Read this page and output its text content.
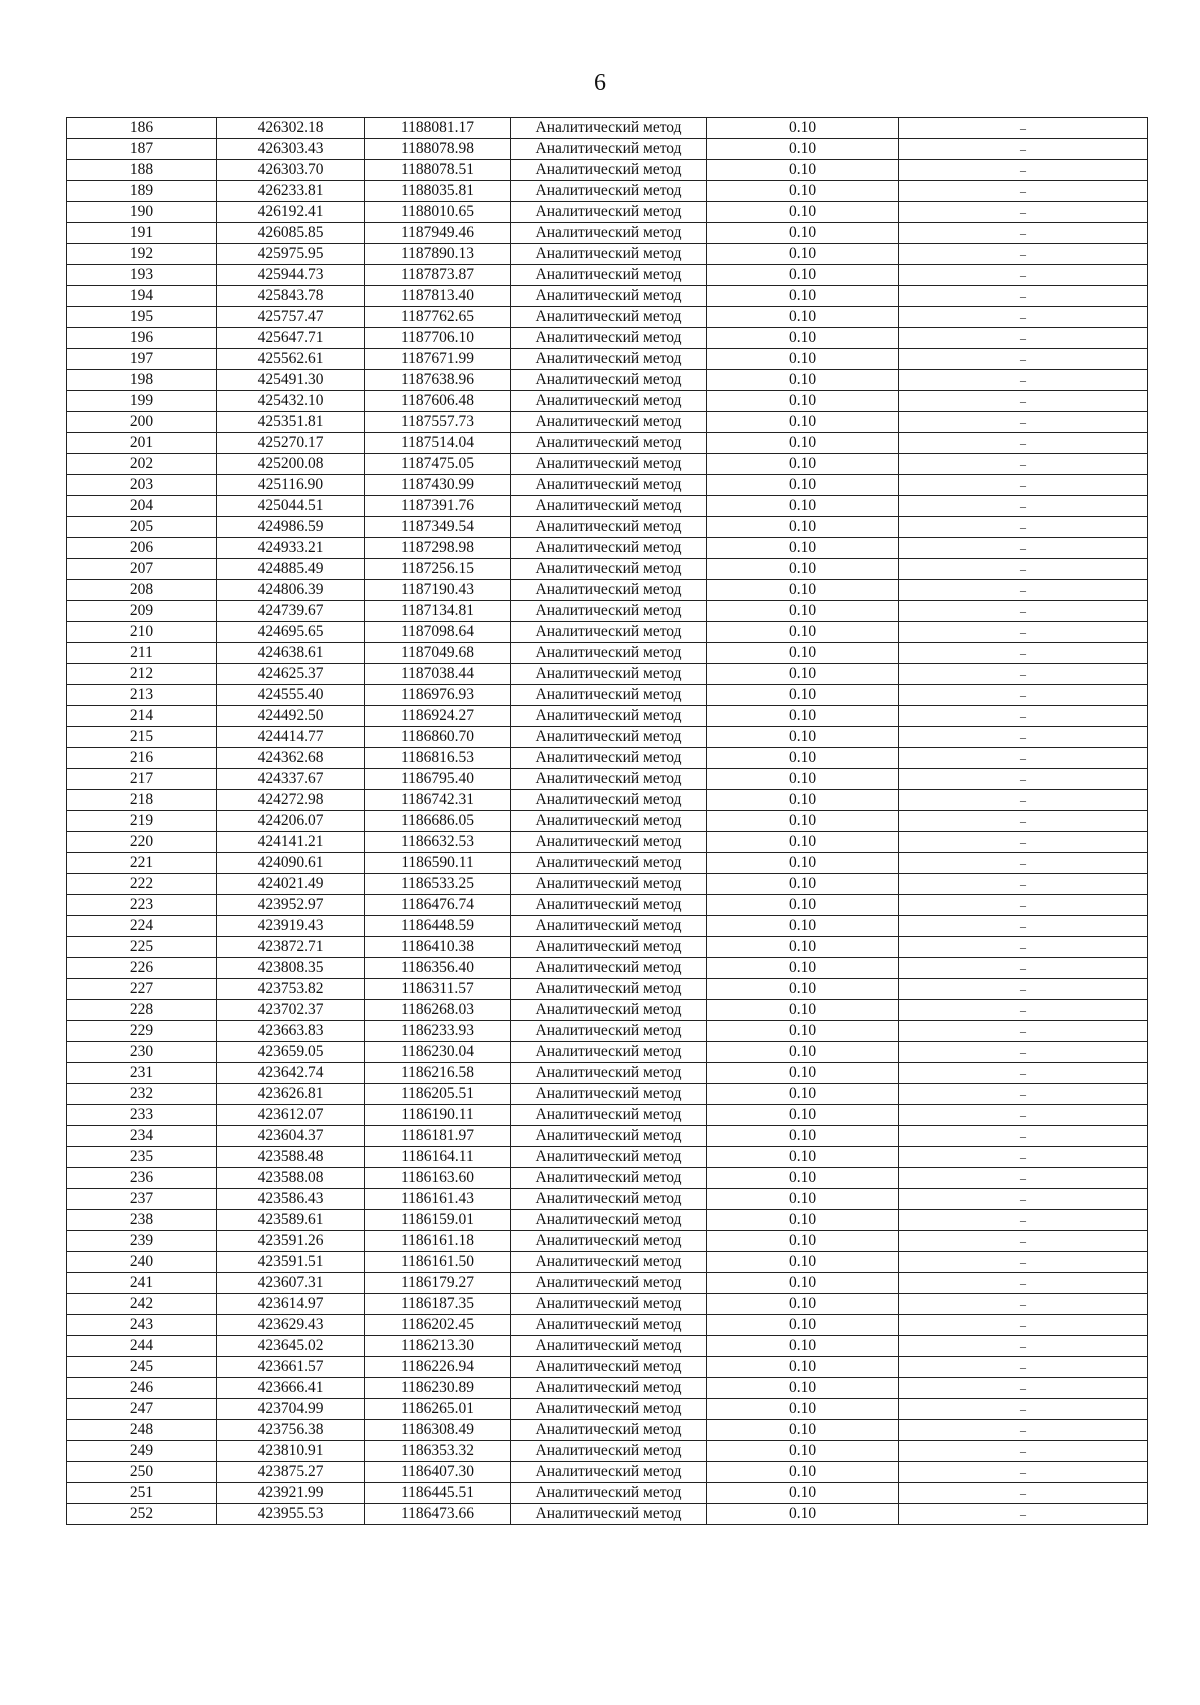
6
186	426302.18	1188081.17	Аналитический метод	0.10	–
187	426303.43	1188078.98	Аналитический метод	0.10	–
188	426303.70	1188078.51	Аналитический метод	0.10	–
189	426233.81	1188035.81	Аналитический метод	0.10	–
190	426192.41	1188010.65	Аналитический метод	0.10	–
191	426085.85	1187949.46	Аналитический метод	0.10	–
192	425975.95	1187890.13	Аналитический метод	0.10	–
193	425944.73	1187873.87	Аналитический метод	0.10	–
194	425843.78	1187813.40	Аналитический метод	0.10	–
195	425757.47	1187762.65	Аналитический метод	0.10	–
196	425647.71	1187706.10	Аналитический метод	0.10	–
197	425562.61	1187671.99	Аналитический метод	0.10	–
198	425491.30	1187638.96	Аналитический метод	0.10	–
199	425432.10	1187606.48	Аналитический метод	0.10	–
200	425351.81	1187557.73	Аналитический метод	0.10	–
201	425270.17	1187514.04	Аналитический метод	0.10	–
202	425200.08	1187475.05	Аналитический метод	0.10	–
203	425116.90	1187430.99	Аналитический метод	0.10	–
204	425044.51	1187391.76	Аналитический метод	0.10	–
205	424986.59	1187349.54	Аналитический метод	0.10	–
206	424933.21	1187298.98	Аналитический метод	0.10	–
207	424885.49	1187256.15	Аналитический метод	0.10	–
208	424806.39	1187190.43	Аналитический метод	0.10	–
209	424739.67	1187134.81	Аналитический метод	0.10	–
210	424695.65	1187098.64	Аналитический метод	0.10	–
211	424638.61	1187049.68	Аналитический метод	0.10	–
212	424625.37	1187038.44	Аналитический метод	0.10	–
213	424555.40	1186976.93	Аналитический метод	0.10	–
214	424492.50	1186924.27	Аналитический метод	0.10	–
215	424414.77	1186860.70	Аналитический метод	0.10	–
216	424362.68	1186816.53	Аналитический метод	0.10	–
217	424337.67	1186795.40	Аналитический метод	0.10	–
218	424272.98	1186742.31	Аналитический метод	0.10	–
219	424206.07	1186686.05	Аналитический метод	0.10	–
220	424141.21	1186632.53	Аналитический метод	0.10	–
221	424090.61	1186590.11	Аналитический метод	0.10	–
222	424021.49	1186533.25	Аналитический метод	0.10	–
223	423952.97	1186476.74	Аналитический метод	0.10	–
224	423919.43	1186448.59	Аналитический метод	0.10	–
225	423872.71	1186410.38	Аналитический метод	0.10	–
226	423808.35	1186356.40	Аналитический метод	0.10	–
227	423753.82	1186311.57	Аналитический метод	0.10	–
228	423702.37	1186268.03	Аналитический метод	0.10	–
229	423663.83	1186233.93	Аналитический метод	0.10	–
230	423659.05	1186230.04	Аналитический метод	0.10	–
231	423642.74	1186216.58	Аналитический метод	0.10	–
232	423626.81	1186205.51	Аналитический метод	0.10	–
233	423612.07	1186190.11	Аналитический метод	0.10	–
234	423604.37	1186181.97	Аналитический метод	0.10	–
235	423588.48	1186164.11	Аналитический метод	0.10	–
236	423588.08	1186163.60	Аналитический метод	0.10	–
237	423586.43	1186161.43	Аналитический метод	0.10	–
238	423589.61	1186159.01	Аналитический метод	0.10	–
239	423591.26	1186161.18	Аналитический метод	0.10	–
240	423591.51	1186161.50	Аналитический метод	0.10	–
241	423607.31	1186179.27	Аналитический метод	0.10	–
242	423614.97	1186187.35	Аналитический метод	0.10	–
243	423629.43	1186202.45	Аналитический метод	0.10	–
244	423645.02	1186213.30	Аналитический метод	0.10	–
245	423661.57	1186226.94	Аналитический метод	0.10	–
246	423666.41	1186230.89	Аналитический метод	0.10	–
247	423704.99	1186265.01	Аналитический метод	0.10	–
248	423756.38	1186308.49	Аналитический метод	0.10	–
249	423810.91	1186353.32	Аналитический метод	0.10	–
250	423875.27	1186407.30	Аналитический метод	0.10	–
251	423921.99	1186445.51	Аналитический метод	0.10	–
252	423955.53	1186473.66	Аналитический метод	0.10	–
